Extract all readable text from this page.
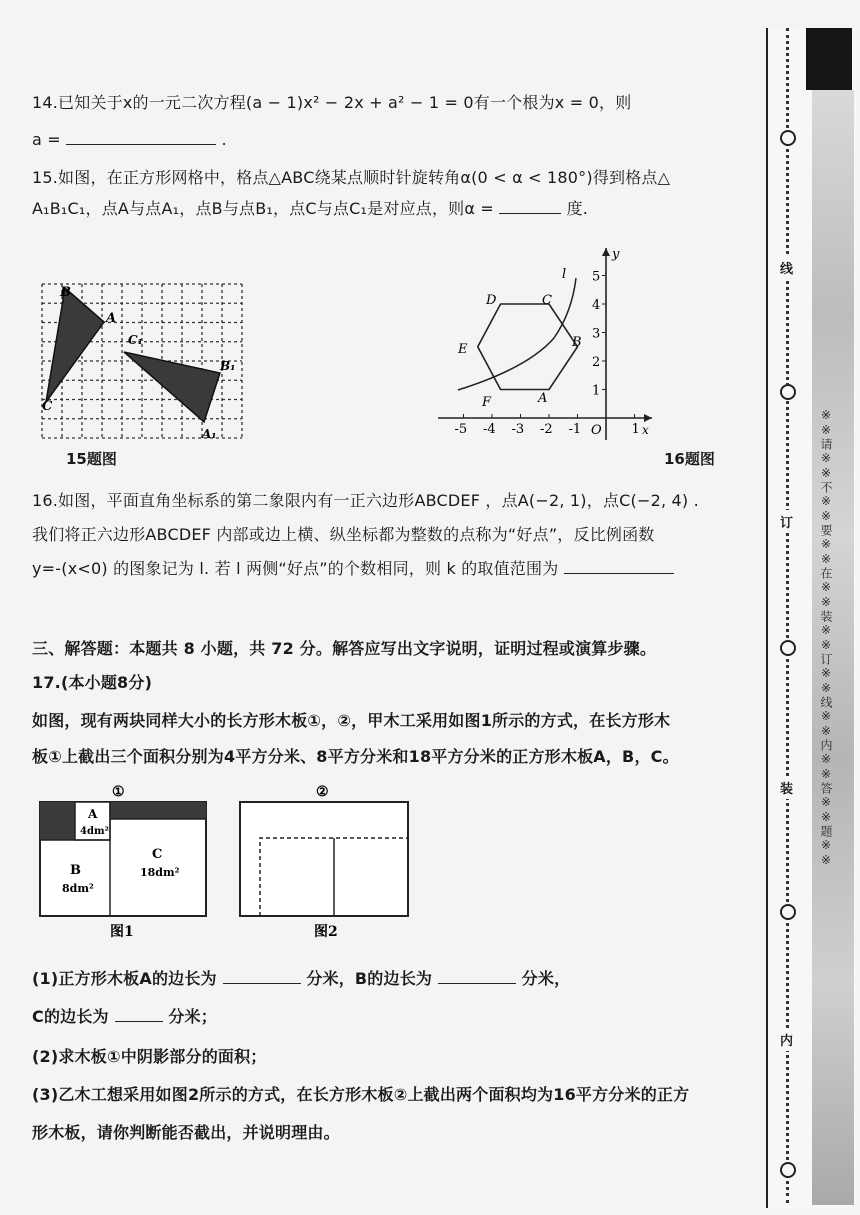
14.已知关于x的一元二次方程(a − 1)x² − 2x + a² − 1 = 0有一个根为x = 0，则
a =	.
15.如图，在正方形网格中，格点△ABC绕某点顺时针旋转角α(0 < α < 180°)得到格点△
A₁B₁C₁，点A与点A₁，点B与点B₁，点C与点C₁是对应点，则α =	度.
B
A
C
C₁
B₁
A₁
15题图
y
x
O
-5 -4 -3 -2 -1	1
1
2
3
4
5
l
A
B
C
D
E
F
16题图
16.如图，平面直角坐标系的第二象限内有一正六边形ABCDEF ，点A(−2, 1)，点C(−2, 4) .
我们将正六边形ABCDEF 内部或边上横、纵坐标都为整数的点称为“好点”，反比例函数
y=-(x<0) 的图象记为 l. 若 l 两侧“好点”的个数相同，则 k 的取值范围为
三、解答题：本题共 8 小题，共 72 分。解答应写出文字说明，证明过程或演算步骤。
17.(本小题8分)
如图，现有两块同样大小的长方形木板①，②，甲木工采用如图1所示的方式，在长方形木
板①上截出三个面积分别为4平方分米、8平方分米和18平方分米的正方形木板A，B，C。
①
A
4dm²
B
8dm²
C
18dm²
图1
②
图2
(1)正方形木板A的边长为	分米，B的边长为	分米，
C的边长为	分米；
(2)求木板①中阴影部分的面积；
(3)乙木工想采用如图2所示的方式，在长方形木板②上截出两个面积均为16平方分米的正方
形木板，请你判断能否截出，并说明理由。
线
订
装
内
※※请※※不※※要※※在※※装※※订※※线※※内※※答※※题※※
